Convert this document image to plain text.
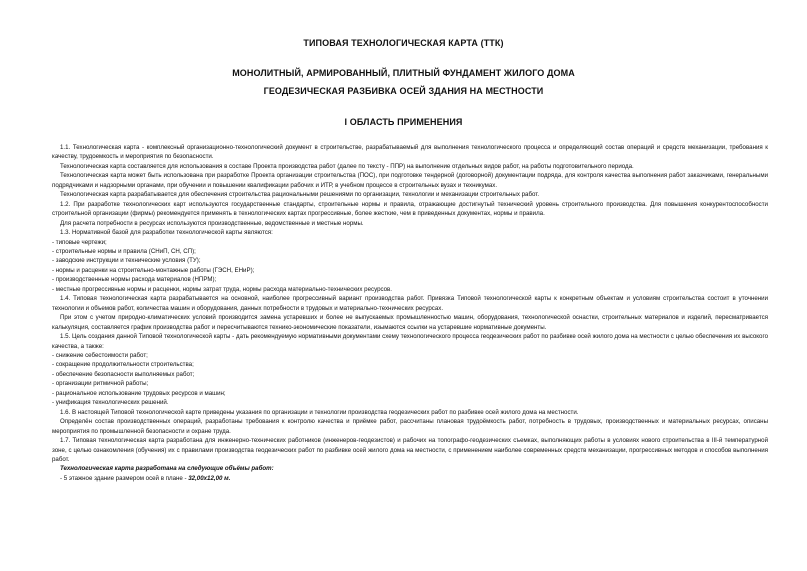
ТИПОВАЯ ТЕХНОЛОГИЧЕСКАЯ КАРТА (ТТК)
МОНОЛИТНЫЙ, АРМИРОВАННЫЙ, ПЛИТНЫЙ ФУНДАМЕНТ ЖИЛОГО ДОМА
ГЕОДЕЗИЧЕСКАЯ РАЗБИВКА ОСЕЙ ЗДАНИЯ НА МЕСТНОСТИ
I ОБЛАСТЬ ПРИМЕНЕНИЯ

1.1. Технологическая карта - комплексный организационно-технологический документ в строительстве, разрабатываемый для выполнения технологического процесса и определяющий состав операций и средств механизации, требования к качеству, трудоемкость и мероприятия по безопасности.

Технологическая карта составляется для использования в составе Проекта производства работ (далее по тексту - ППР) на выполнение отдельных видов работ, на работы подготовительного периода.

Технологическая карта может быть использована при разработке Проекта организации строительства (ПОС), при подготовке тендерной (договорной) документации подряда, для контроля качества выполнения работ заказчиками, генеральными подрядчиками и надзорными органами, при обучении и повышении квалификации рабочих и ИТР, в учебном процессе в строительных вузах и техникумах.

Технологическая карта разрабатывается для обеспечения строительства рациональными решениями по организации, технологии и механизации строительных работ.

1.2. При разработке технологических карт используются государственные стандарты, строительные нормы и правила, отражающие достигнутый технический уровень строительного производства. Для повышения конкурентоспособности строительной организации (фирмы) рекомендуется применять в технологических картах прогрессивные, более жесткие, чем в приведенных документах, нормы и правила.

Для расчета потребности в ресурсах используются производственные, ведомственные и местные нормы.

1.3. Нормативной базой для разработки технологической карты являются:

- типовые чертежи;

- строительные нормы и правила (СНиП, СН, СП);

- заводские инструкции и технические условия (ТУ);

- нормы и расценки на строительно-монтажные работы (ГЭСН, ЕНиР);

- производственные нормы расхода материалов (НПРМ);

- местные прогрессивные нормы и расценки, нормы затрат труда, нормы расхода материально-технических ресурсов.

1.4. Типовая технологическая карта разрабатывается на основной, наиболее прогрессивный вариант производства работ. Привязка Типовой технологической карты к конкретным объектам и условиям строительства состоит в уточнении технологии и объемов работ, количества машин и оборудования, данных потребности в трудовых и материально-технических ресурсах.

При этом с учетом природно-климатических условий производится замена устаревших и более не выпускаемых промышленностью машин, оборудования, технологической оснастки, строительных материалов и изделий, пересматривается калькуляция, составляется график производства работ и пересчитываются технико-экономические показатели, изымаются ссылки на устаревшие нормативные документы.

1.5. Цель создания данной Типовой технологической карты - дать рекомендуемую нормативными документами схему технологического процесса геодезических работ по разбивке осей жилого дома на местности с целью обеспечения их высокого качества, а также:

- снижение себестоимости работ;

- сокращение продолжительности строительства;

- обеспечение безопасности выполняемых работ;

- организации ритмичной работы;

- рациональное использование трудовых ресурсов и машин;

- унификация технологических решений.

1.6. В настоящей Типовой технологической карте приведены указания по организации и технологии производства геодезических работ по разбивке осей жилого дома на местности.

Определён состав производственных операций, разработаны требования к контролю качества и приёмке работ, рассчитаны плановая трудоёмкость работ, потребность в трудовых, производственных и материальных ресурсах, описаны мероприятия по промышленной безопасности и охране труда.

1.7. Типовая технологическая карта разработана для инженерно-технических работников (инженеров-геодезистов) и рабочих на топографо-геодезических съемках, выполняющих работы в условиях нового строительства в III-й температурной зоне, с целью ознакомления (обучения) их с правилами производства геодезических работ по разбивке осей жилого дома на местности, с применением наиболее современных средств механизации, прогрессивных методов и способов выполнения работ.

Технологическая карта разработана на следующие объёмы работ:

- 5 этажное здание размером осей в плане - 32,00x12,00 м.
